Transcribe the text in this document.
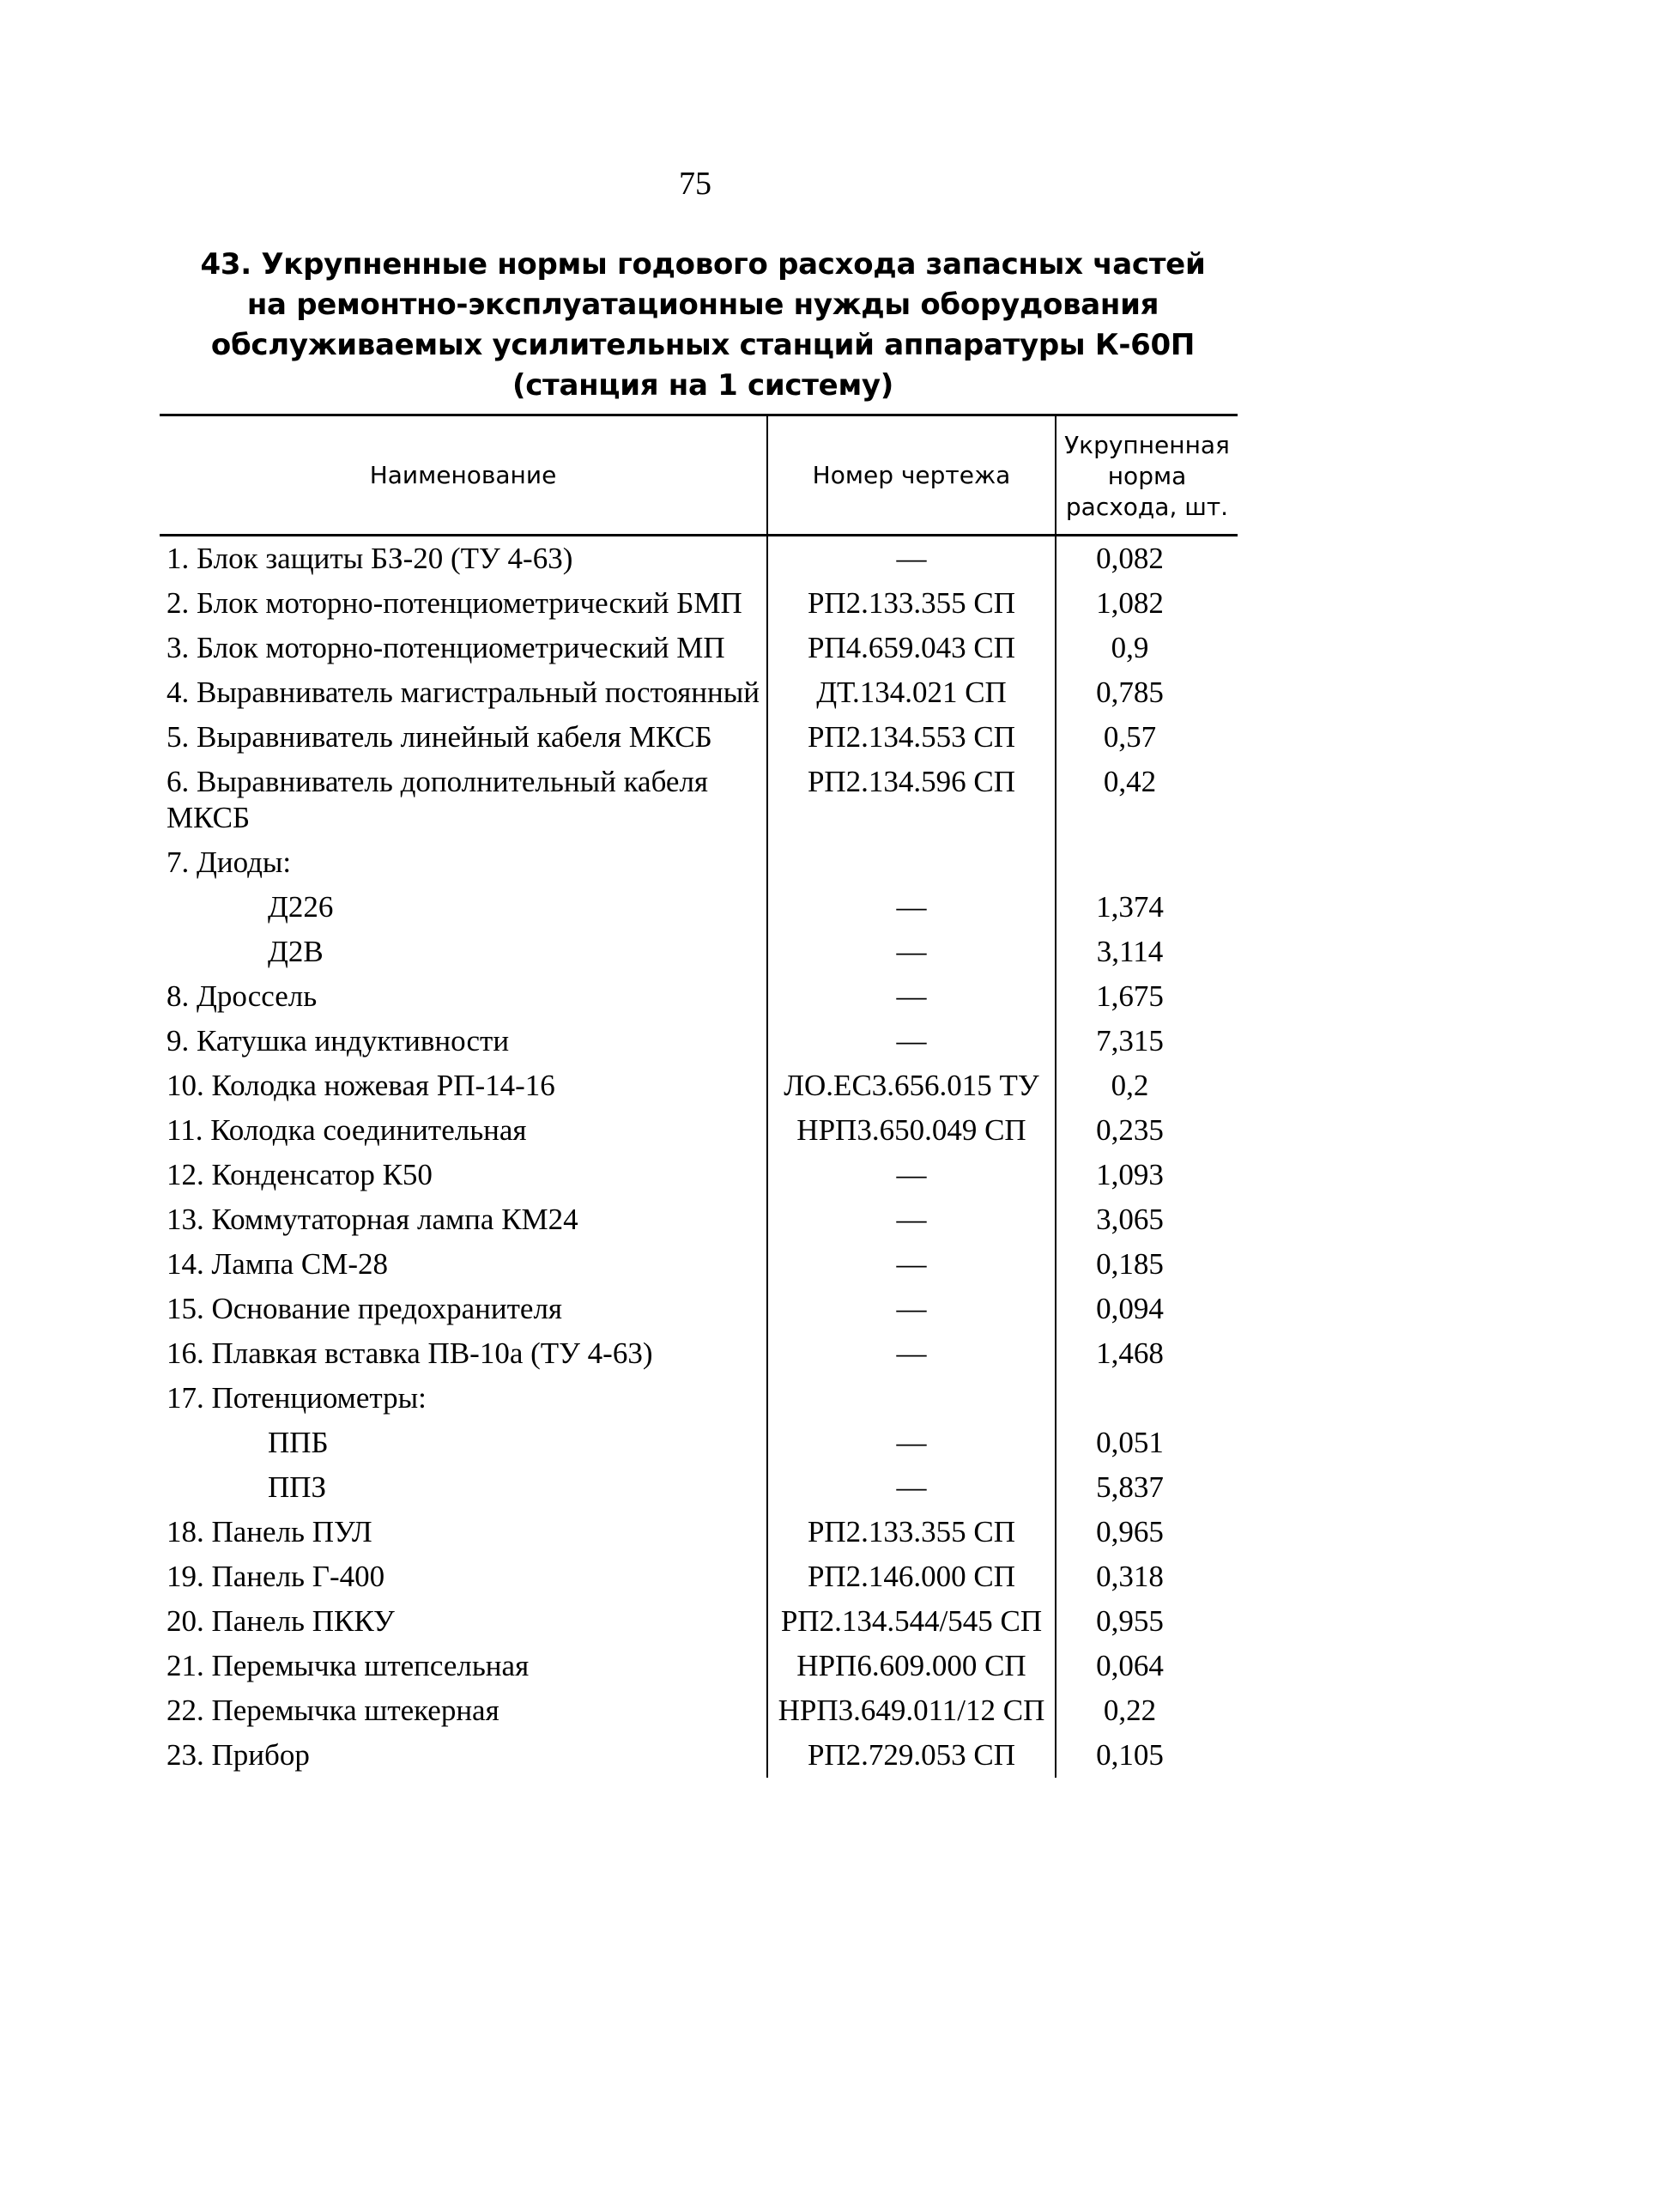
75
43. Укрупненные нормы годового расхода запасных частей
на ремонтно-эксплуатационные нужды оборудования
обслуживаемых усилительных станций аппаратуры К-60П
(станция на 1 систему)
Наименование	Номер чертежа	Укрупненная норма расхода, шт.
1. Блок защиты БЗ-20 (ТУ 4-63)	—	0,082
2. Блок моторно-потенциометрический БМП	РП2.133.355 СП	1,082
3. Блок моторно-потенциометрический МП	РП4.659.043 СП	0,9
4. Выравниватель магистральный постоянный	ДТ.134.021 СП	0,785
5. Выравниватель линейный кабеля МКСБ	РП2.134.553 СП	0,57
6. Выравниватель дополнительный кабеля МКСБ	РП2.134.596 СП	0,42
7. Диоды:		
Д226	—	1,374
Д2В	—	3,114
8. Дроссель	—	1,675
9. Катушка индуктивности	—	7,315
10. Колодка ножевая РП-14-16	ЛО.ЕС3.656.015 ТУ	0,2
11. Колодка соединительная	НРП3.650.049 СП	0,235
12. Конденсатор К50	—	1,093
13. Коммутаторная лампа КМ24	—	3,065
14. Лампа СМ-28	—	0,185
15. Основание предохранителя	—	0,094
16. Плавкая вставка ПВ-10а (ТУ 4-63)	—	1,468
17. Потенциометры:		
ППБ	—	0,051
ППЗ	—	5,837
18. Панель ПУЛ	РП2.133.355 СП	0,965
19. Панель Г-400	РП2.146.000 СП	0,318
20. Панель ПККУ	РП2.134.544/545 СП	0,955
21. Перемычка штепсельная	НРП6.609.000 СП	0,064
22. Перемычка штекерная	НРП3.649.011/12 СП	0,22
23. Прибор	РП2.729.053 СП	0,105
